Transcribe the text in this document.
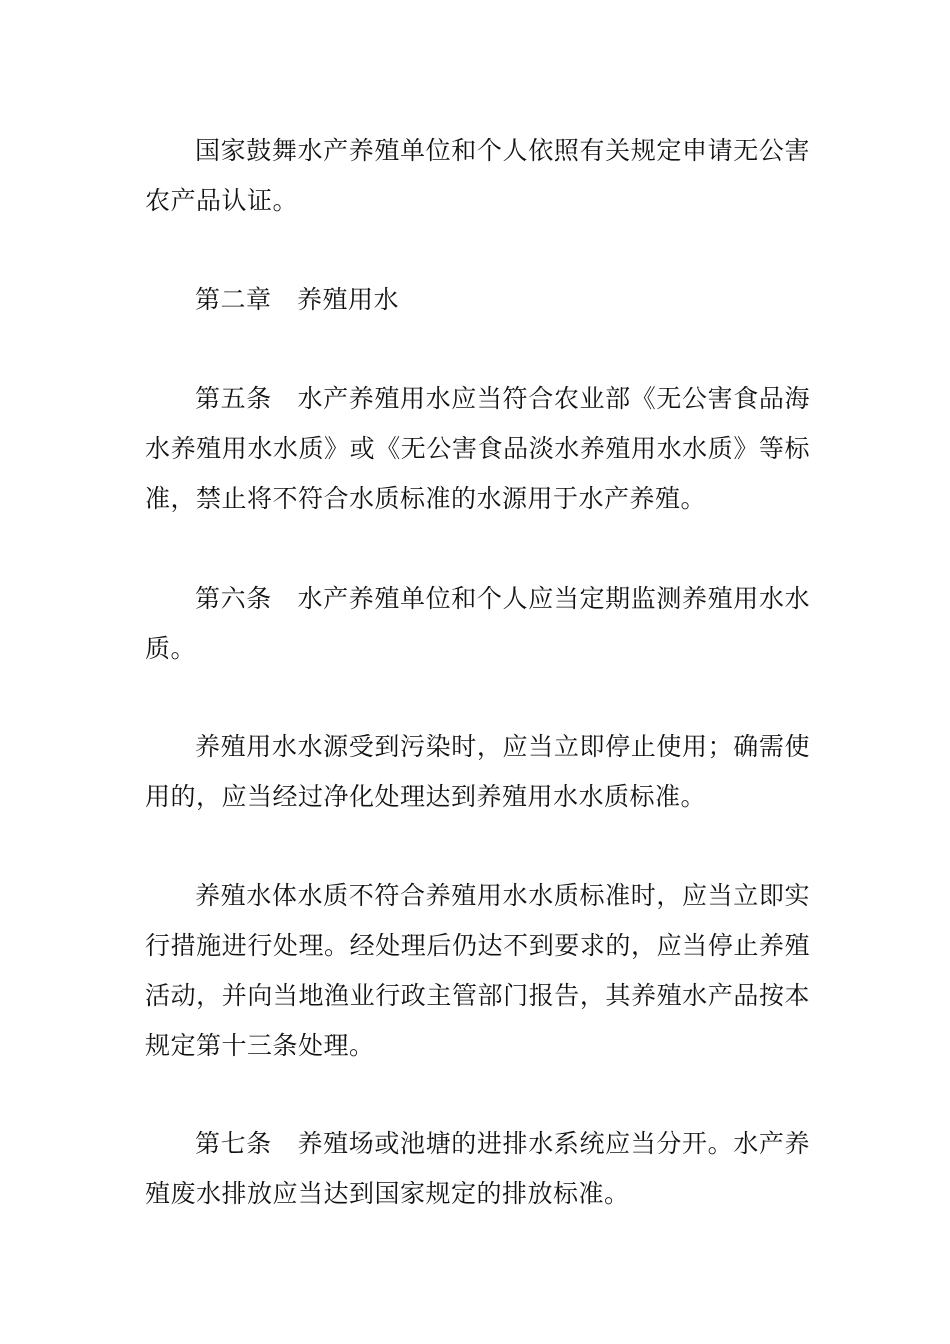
国家鼓舞水产养殖单位和个人依照有关规定申请无公害农产品认证。

第二章　养殖用水

第五条　水产养殖用水应当符合农业部《无公害食品海水养殖用水水质》或《无公害食品淡水养殖用水水质》等标准，禁止将不符合水质标准的水源用于水产养殖。

第六条　水产养殖单位和个人应当定期监测养殖用水水质。

养殖用水水源受到污染时，应当立即停止使用；确需使用的，应当经过净化处理达到养殖用水水质标准。

养殖水体水质不符合养殖用水水质标准时，应当立即实行措施进行处理。经处理后仍达不到要求的，应当停止养殖活动，并向当地渔业行政主管部门报告，其养殖水产品按本规定第十三条处理。

第七条　养殖场或池塘的进排水系统应当分开。水产养殖废水排放应当达到国家规定的排放标准。
